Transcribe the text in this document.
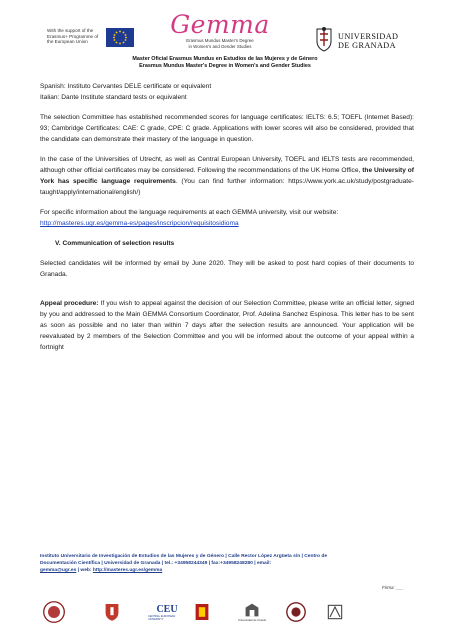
With the support of the Erasmus+ Programme of the European Union
Gemma
Erasmus Mundus Master's Degree
in Women's and Gender Studies
UNIVERSIDAD
DE GRANADA
Master Oficial Erasmus Mundus en Estudios de las Mujeres y de Género
Erasmus Mundus Master's Degree in Women's and Gender Studies

Spanish: Instituto Cervantes DELE certificate or equivalent

Italian: Dante Institute standard tests or equivalent

The selection Committee has established recommended scores for language certificates: IELTS: 6.5; TOEFL (Internet Based): 93; Cambridge Certificates: CAE: C grade, CPE: C grade. Applications with lower scores will also be considered, provided that the candidate can demonstrate their mastery of the language in question.

In the case of the Universities of Utrecht, as well as Central European University, TOEFL and IELTS tests are recommended, although other official certificates may be considered. Following the recommendations of the UK Home Office, the University of York has specific language requirements. (You can find further information: https://www.york.ac.uk/study/postgraduate-taught/apply/international/english/)

For specific information about the language requirements at each GEMMA university, visit our website:
http://masteres.ugr.es/gemma-es/pages/inscripcion/requisitosidioma

V. Communication of selection results

Selected candidates will be informed by email by June 2020. They will be asked to post hard copies of their documents to Granada.

Appeal procedure: If you wish to appeal against the decision of our Selection Committee, please write an official letter, signed by you and addressed to the Main GEMMA Consortium Coordinator, Prof. Adelina Sanchez Espinosa. This letter has to be sent as soon as possible and no later than within 7 days after the selection results are announced. Your application will be reevaluated by 2 members of the Selection Committee and you will be informed about the outcome of your appeal within a fortnight

Instituto Universitario de Investigación de Estudios de las Mujeres y de Género | Calle Rector López Argüeta s/n | Centro de
Documentación Científica | Universidad de Granada | tel.: +34958244349 | fax:+34958248280 | email:
gemma@ugr.es | web: http://masteres.ugr.es/gemma
Firma: ___
CEU
CENTRAL EUROPEAN UNIVERSITY	Universidad de Oviedo
